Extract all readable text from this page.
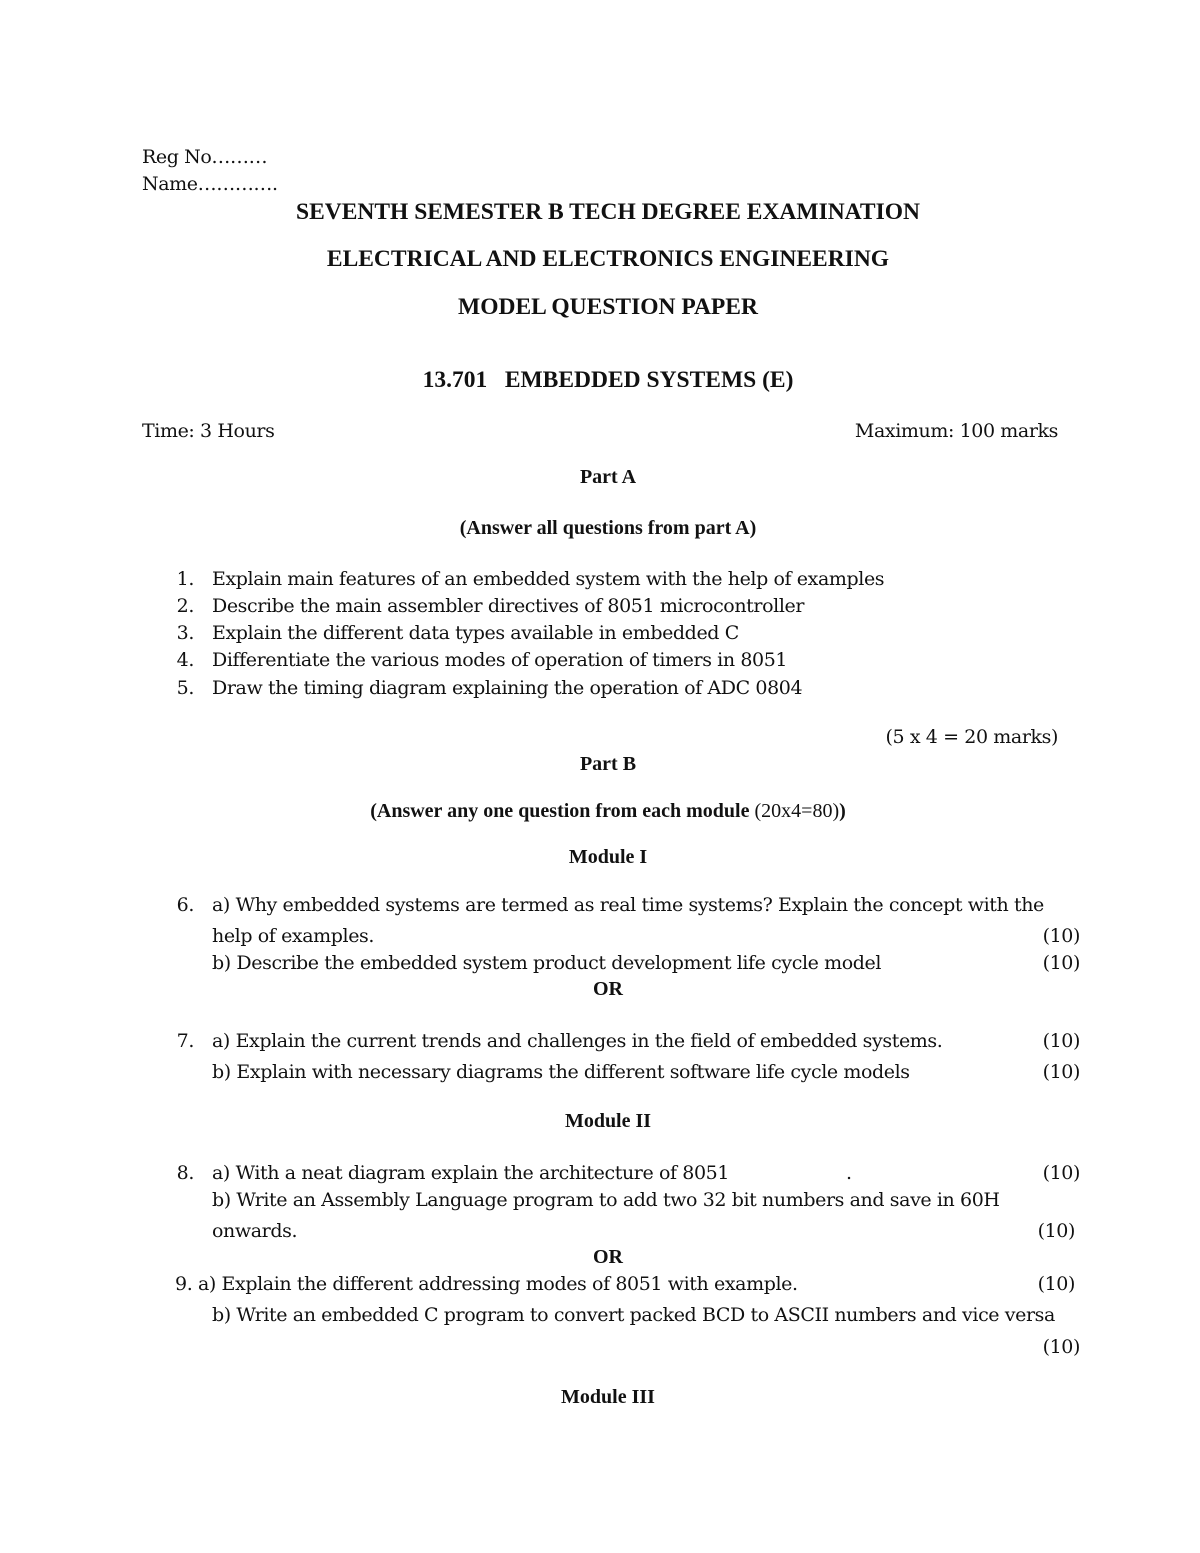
Reg No………
Name………….
SEVENTH SEMESTER B TECH DEGREE EXAMINATION
ELECTRICAL AND ELECTRONICS ENGINEERING
MODEL QUESTION PAPER
13.701   EMBEDDED SYSTEMS (E)
Time: 3 Hours	Maximum: 100 marks
Part A
(Answer all questions from part A)
1. Explain main features of an embedded system with the help of examples
2. Describe the main assembler directives of 8051 microcontroller
3. Explain the different data types available in embedded C
4. Differentiate the various modes of operation of timers in 8051
5. Draw the timing diagram explaining the operation of ADC 0804
(5 x 4 = 20 marks)
Part B
(Answer any one question from each module (20x4=80))
Module I
6. a) Why embedded systems are termed as real time systems? Explain the concept with the
help of examples.	(10)
b) Describe the embedded system product development life cycle model	(10)
OR
7. a) Explain the current trends and challenges in the field of embedded systems.	(10)
b) Explain with necessary diagrams the different software life cycle models	(10)
Module II
8. a) With a neat diagram explain the architecture of 8051	.	(10)
b) Write an Assembly Language program to add two 32 bit numbers and save in 60H
onwards.	(10)
OR
9. a) Explain the different addressing modes of 8051 with example.	(10)
b) Write an embedded C program to convert packed BCD to ASCII numbers and vice versa
(10)
Module III
